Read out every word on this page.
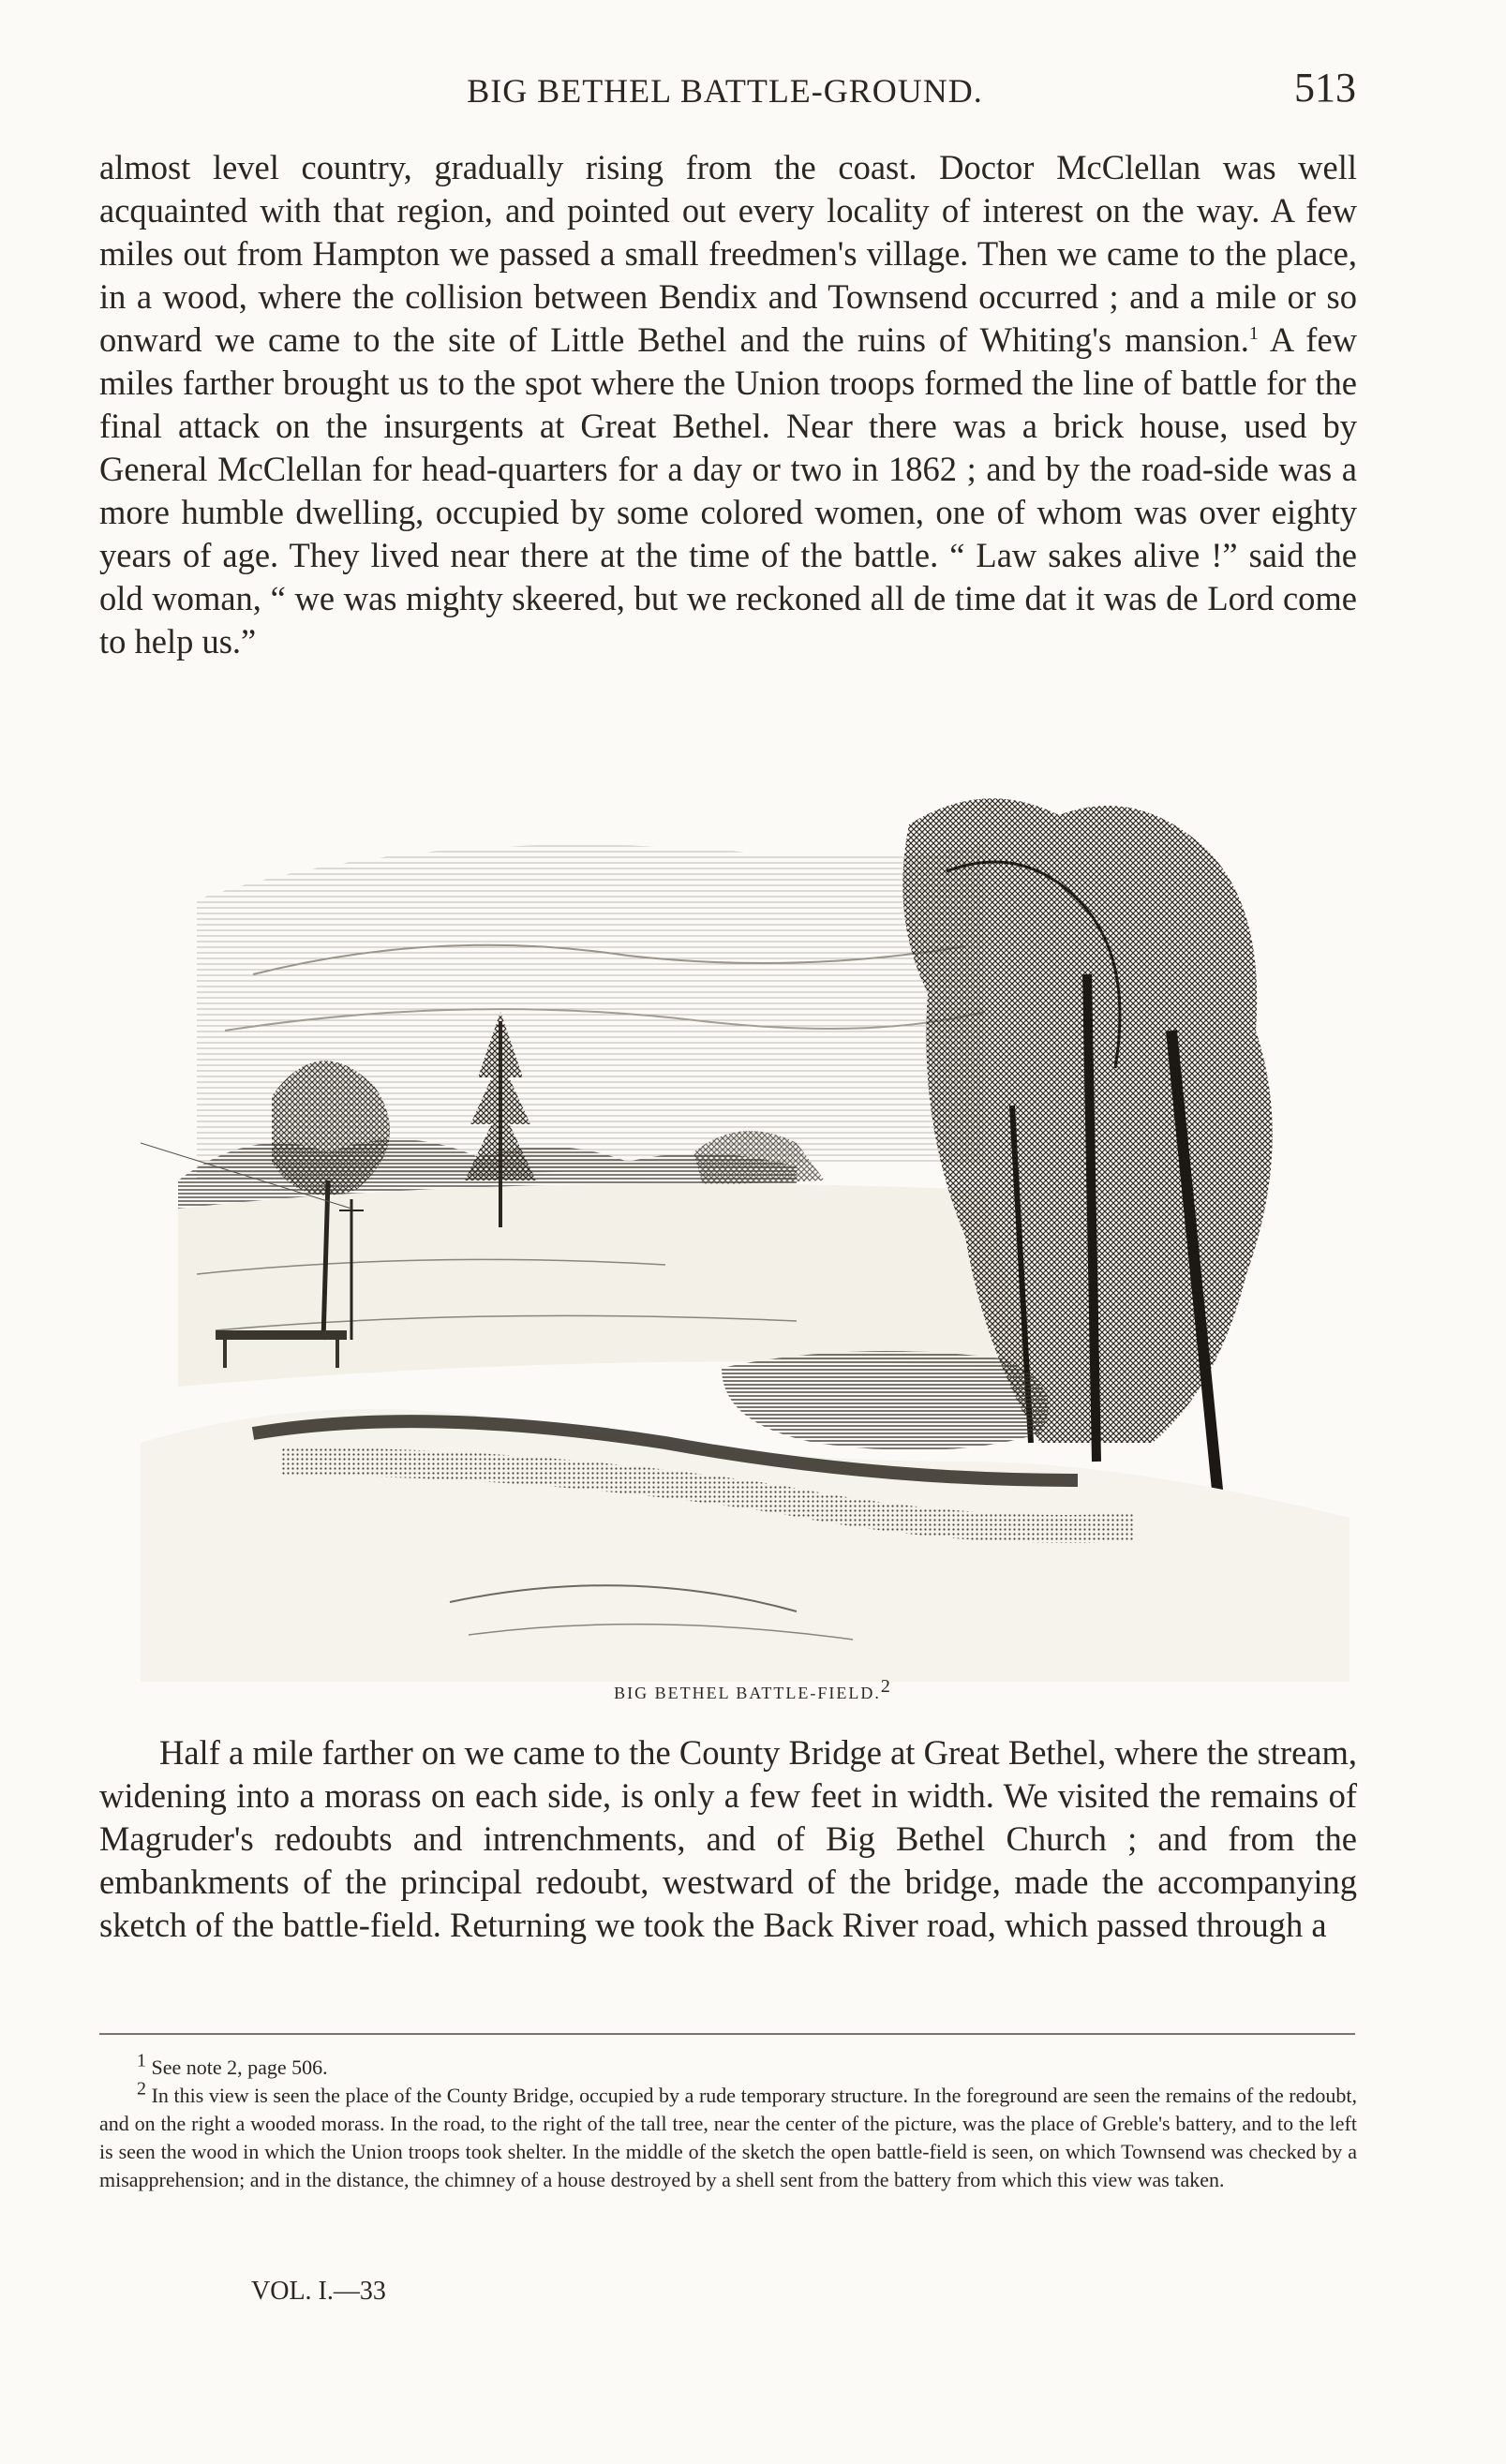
BIG BETHEL BATTLE-GROUND.	513

almost level country, gradually rising from the coast. Doctor McClellan was well acquainted with that region, and pointed out every locality of interest on the way. A few miles out from Hampton we passed a small freedmen's village. Then we came to the place, in a wood, where the collision between Bendix and Townsend occurred ; and a mile or so onward we came to the site of Little Bethel and the ruins of Whiting's mansion.$^1$ A few miles farther brought us to the spot where the Union troops formed the line of battle for the final attack on the insurgents at Great Bethel. Near there was a brick house, used by General McClellan for head-quarters for a day or two in 1862 ; and by the road-side was a more humble dwelling, occupied by some colored women, one of whom was over eighty years of age. They lived near there at the time of the battle. “ Law sakes alive !” said the old woman, “ we was mighty skeered, but we reckoned all de time dat it was de Lord come to help us.”

BIG BETHEL BATTLE-FIELD.2

Half a mile farther on we came to the County Bridge at Great Bethel, where the stream, widening into a morass on each side, is only a few feet in width. We visited the remains of Magruder's redoubts and intrenchments, and of Big Bethel Church ; and from the embankments of the principal redoubt, westward of the bridge, made the accompanying sketch of the battle-field. Returning we took the Back River road, which passed through a

1 See note 2, page 506.

2 In this view is seen the place of the County Bridge, occupied by a rude temporary structure. In the foreground are seen the remains of the redoubt, and on the right a wooded morass. In the road, to the right of the tall tree, near the center of the picture, was the place of Greble's battery, and to the left is seen the wood in which the Union troops took shelter. In the middle of the sketch the open battle-field is seen, on which Townsend was checked by a misapprehension; and in the distance, the chimney of a house destroyed by a shell sent from the battery from which this view was taken.

VOL. I.—33
